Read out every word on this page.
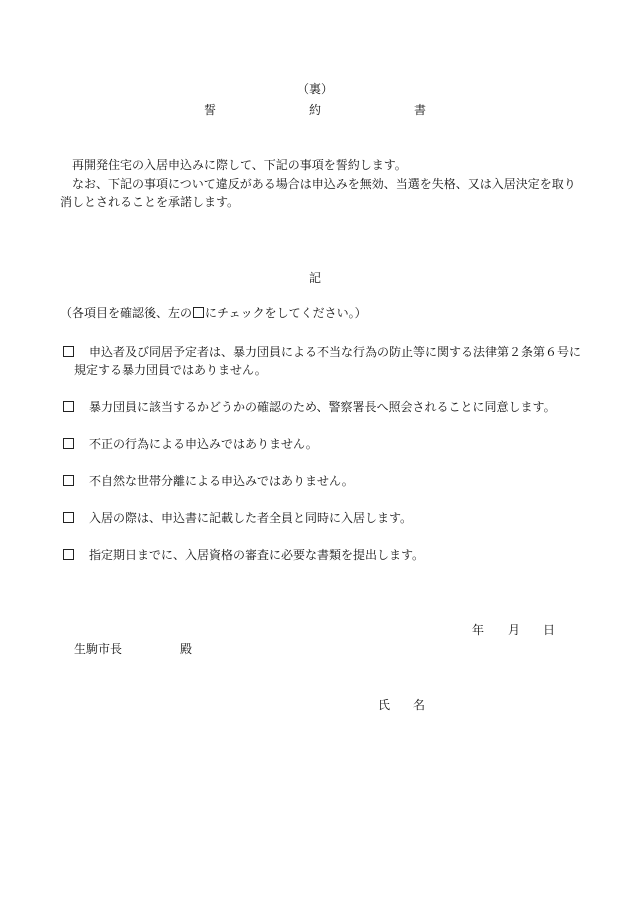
（裏）
誓	約	書
再開発住宅の入居申込みに際して、下記の事項を誓約します。
なお、下記の事項について違反がある場合は申込みを無効、当選を失格、又は入居決定を取り
消しとされることを承諾します。
記
（各項目を確認後、左の にチェックをしてください。）
申込者及び同居予定者は、暴力団員による不当な行為の防止等に関する法律第２条第６号に
規定する暴力団員ではありません。
暴力団員に該当するかどうかの確認のため、警察署長へ照会されることに同意します。
不正の行為による申込みではありません。
不自然な世帯分離による申込みではありません。
入居の際は、申込書に記載した者全員と同時に入居します。
指定期日までに、入居資格の審査に必要な書類を提出します。
年 月 日
生駒市長	殿
氏 名
